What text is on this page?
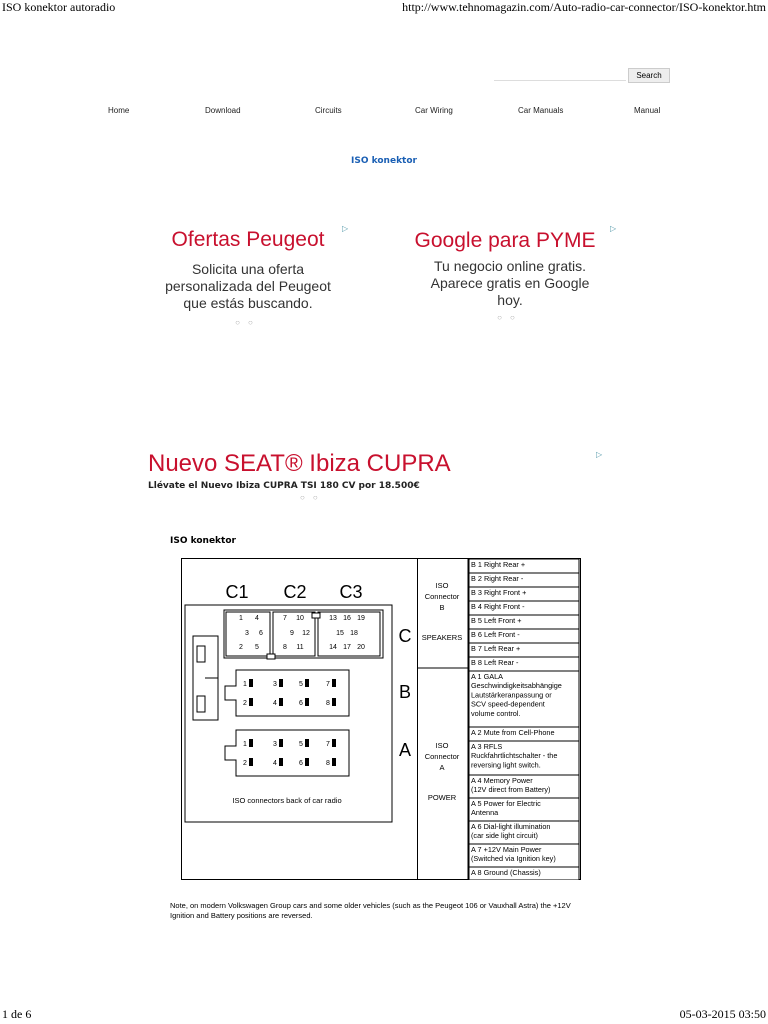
ISO konektor autoradio	http://www.tehnomagazin.com/Auto-radio-car-connector/ISO-konektor.htm
1 de 6	05-03-2015 03:50
Search
Home	Download	Circuits	Car Wiring	Car Manuals	Manual
ISO konektor
▷
Ofertas Peugeot
Solicita una oferta
personalizada del Peugeot
que estás buscando.
○○
▷
Google para PYME
Tu negocio online gratis.
Aparece gratis en Google
hoy.
○○
▷
Nuevo SEAT® Ibiza CUPRA
Llévate el Nuevo Ibiza CUPRA TSI 180 CV por 18.500€
○○
ISO konektor
C1 C2 C3
1 4
3 6
2 5
7 10
9 12
8 11
13 16 19
15 18
14 17 20
1	3	5	7
2	4	6	8
1	3	5	7
2	4	6	8
C
B
A
ISO connectors back of car radio
ISO
Connector
B
SPEAKERS
ISO
Connector
A
POWER
B 1 Right Rear +
B 2 Right Rear -
B 3 Right Front +
B 4 Right Front -
B 5 Left Front +
B 6 Left Front -
B 7 Left Rear +
B 8 Left Rear -
A 1 GALA
Geschwindigkeitsabhängige
Lautstärkeranpassung or
SCV speed-dependent
volume control.
A 2 Mute from Cell-Phone
A 3 RFLS
Ruckfahrtlichtschalter - the
reversing light switch.
A 4 Memory Power
(12V direct from Battery)
A 5 Power for Electric
Antenna
A 6 Dial-light illumination
(car side light circuit)
A 7 +12V Main Power
(Switched via Ignition key)
A 8 Ground (Chassis)
Note, on modern Volkswagen Group cars and some older vehicles (such as the Peugeot 106 or Vauxhall Astra) the +12V Ignition and Battery positions are reversed.
